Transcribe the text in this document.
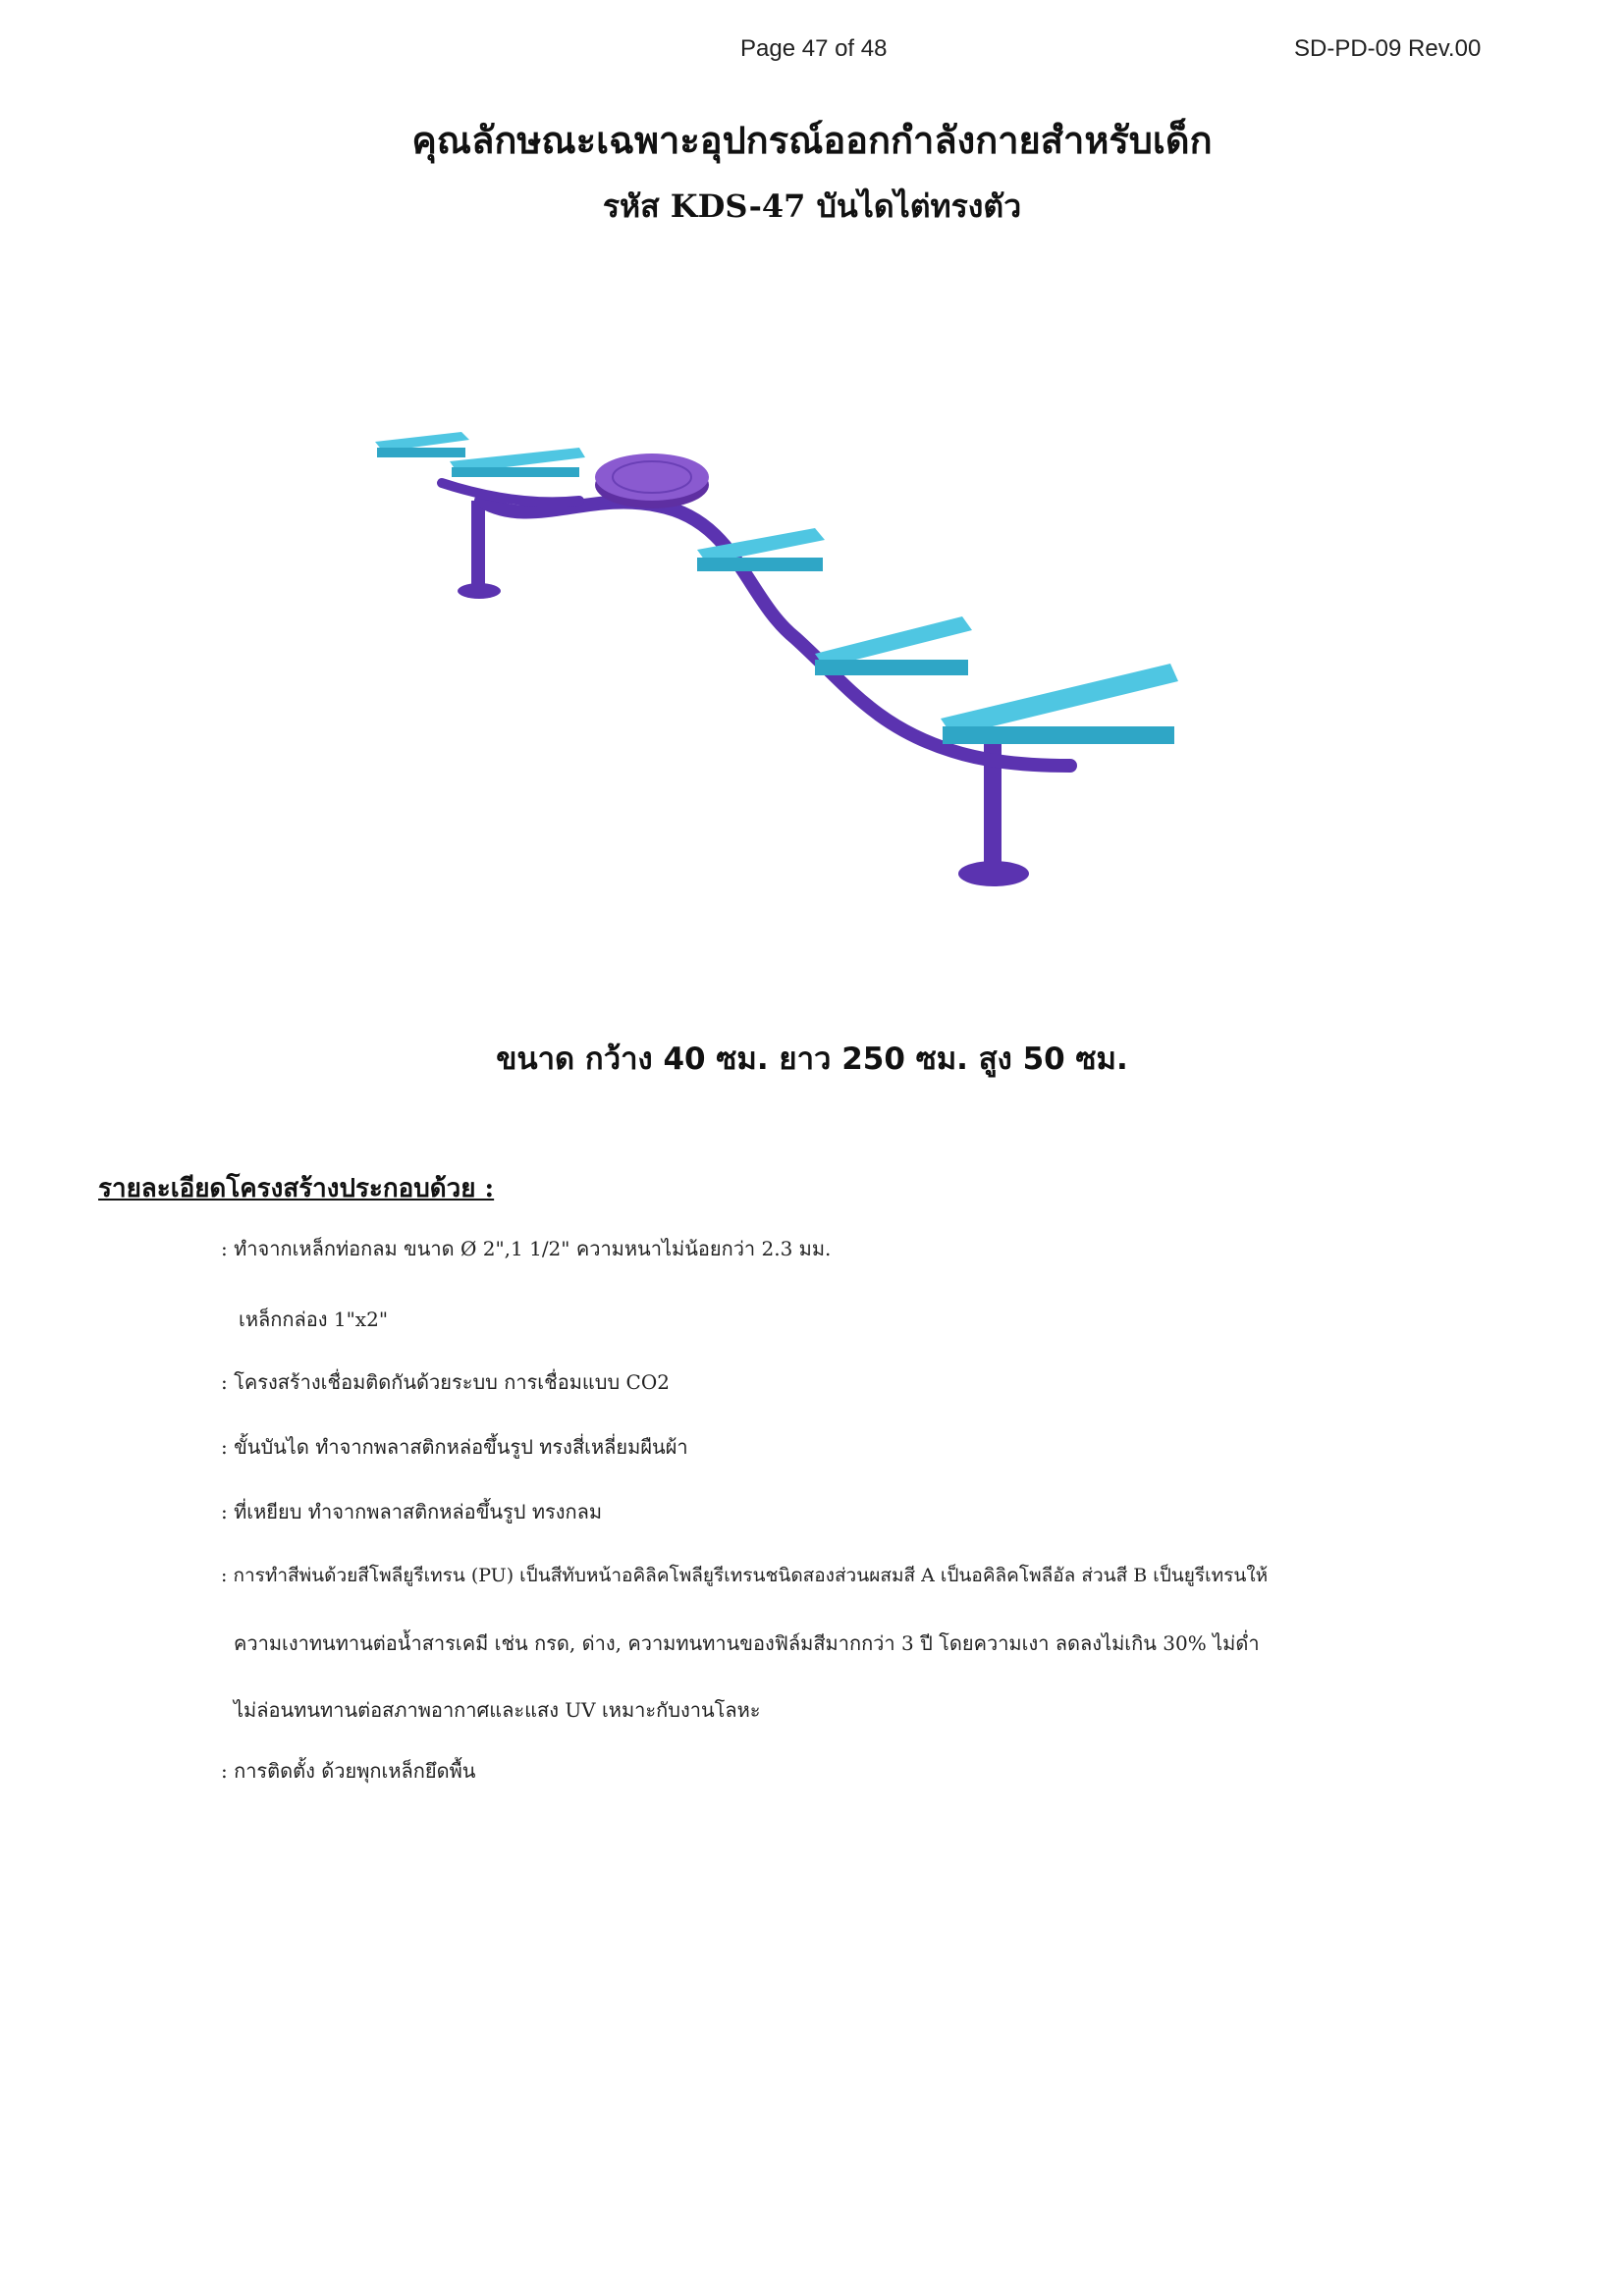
Page 47 of 48	SD-PD-09 Rev.00
คุณลักษณะเฉพาะอุปกรณ์ออกกำลังกายสำหรับเด็ก
รหัส KDS-47 บันไดไต่ทรงตัว
ขนาด กว้าง 40 ซม. ยาว 250 ซม. สูง 50 ซม.
รายละเอียดโครงสร้างประกอบด้วย :
: ทำจากเหล็กท่อกลม ขนาด Ø 2",1 1/2" ความหนาไม่น้อยกว่า 2.3 มม.
เหล็กกล่อง 1"x2"
: โครงสร้างเชื่อมติดกันด้วยระบบ การเชื่อมแบบ CO2
: ขั้นบันได ทำจากพลาสติกหล่อขึ้นรูป ทรงสี่เหลี่ยมผืนผ้า
: ที่เหยียบ ทำจากพลาสติกหล่อขึ้นรูป ทรงกลม
: การทำสีพ่นด้วยสีโพลียูรีเทรน (PU) เป็นสีทับหน้าอคิลิคโพลียูรีเทรนชนิดสองส่วนผสมสี A เป็นอคิลิคโพลีอัล ส่วนสี B เป็นยูรีเทรนให้
ความเงาทนทานต่อน้ำสารเคมี เช่น กรด, ด่าง, ความทนทานของฟิล์มสีมากกว่า 3 ปี โดยความเงา ลดลงไม่เกิน 30% ไม่ด่ำ
ไม่ล่อนทนทานต่อสภาพอากาศและแสง UV เหมาะกับงานโลหะ
: การติดตั้ง ด้วยพุกเหล็กยึดพื้น
